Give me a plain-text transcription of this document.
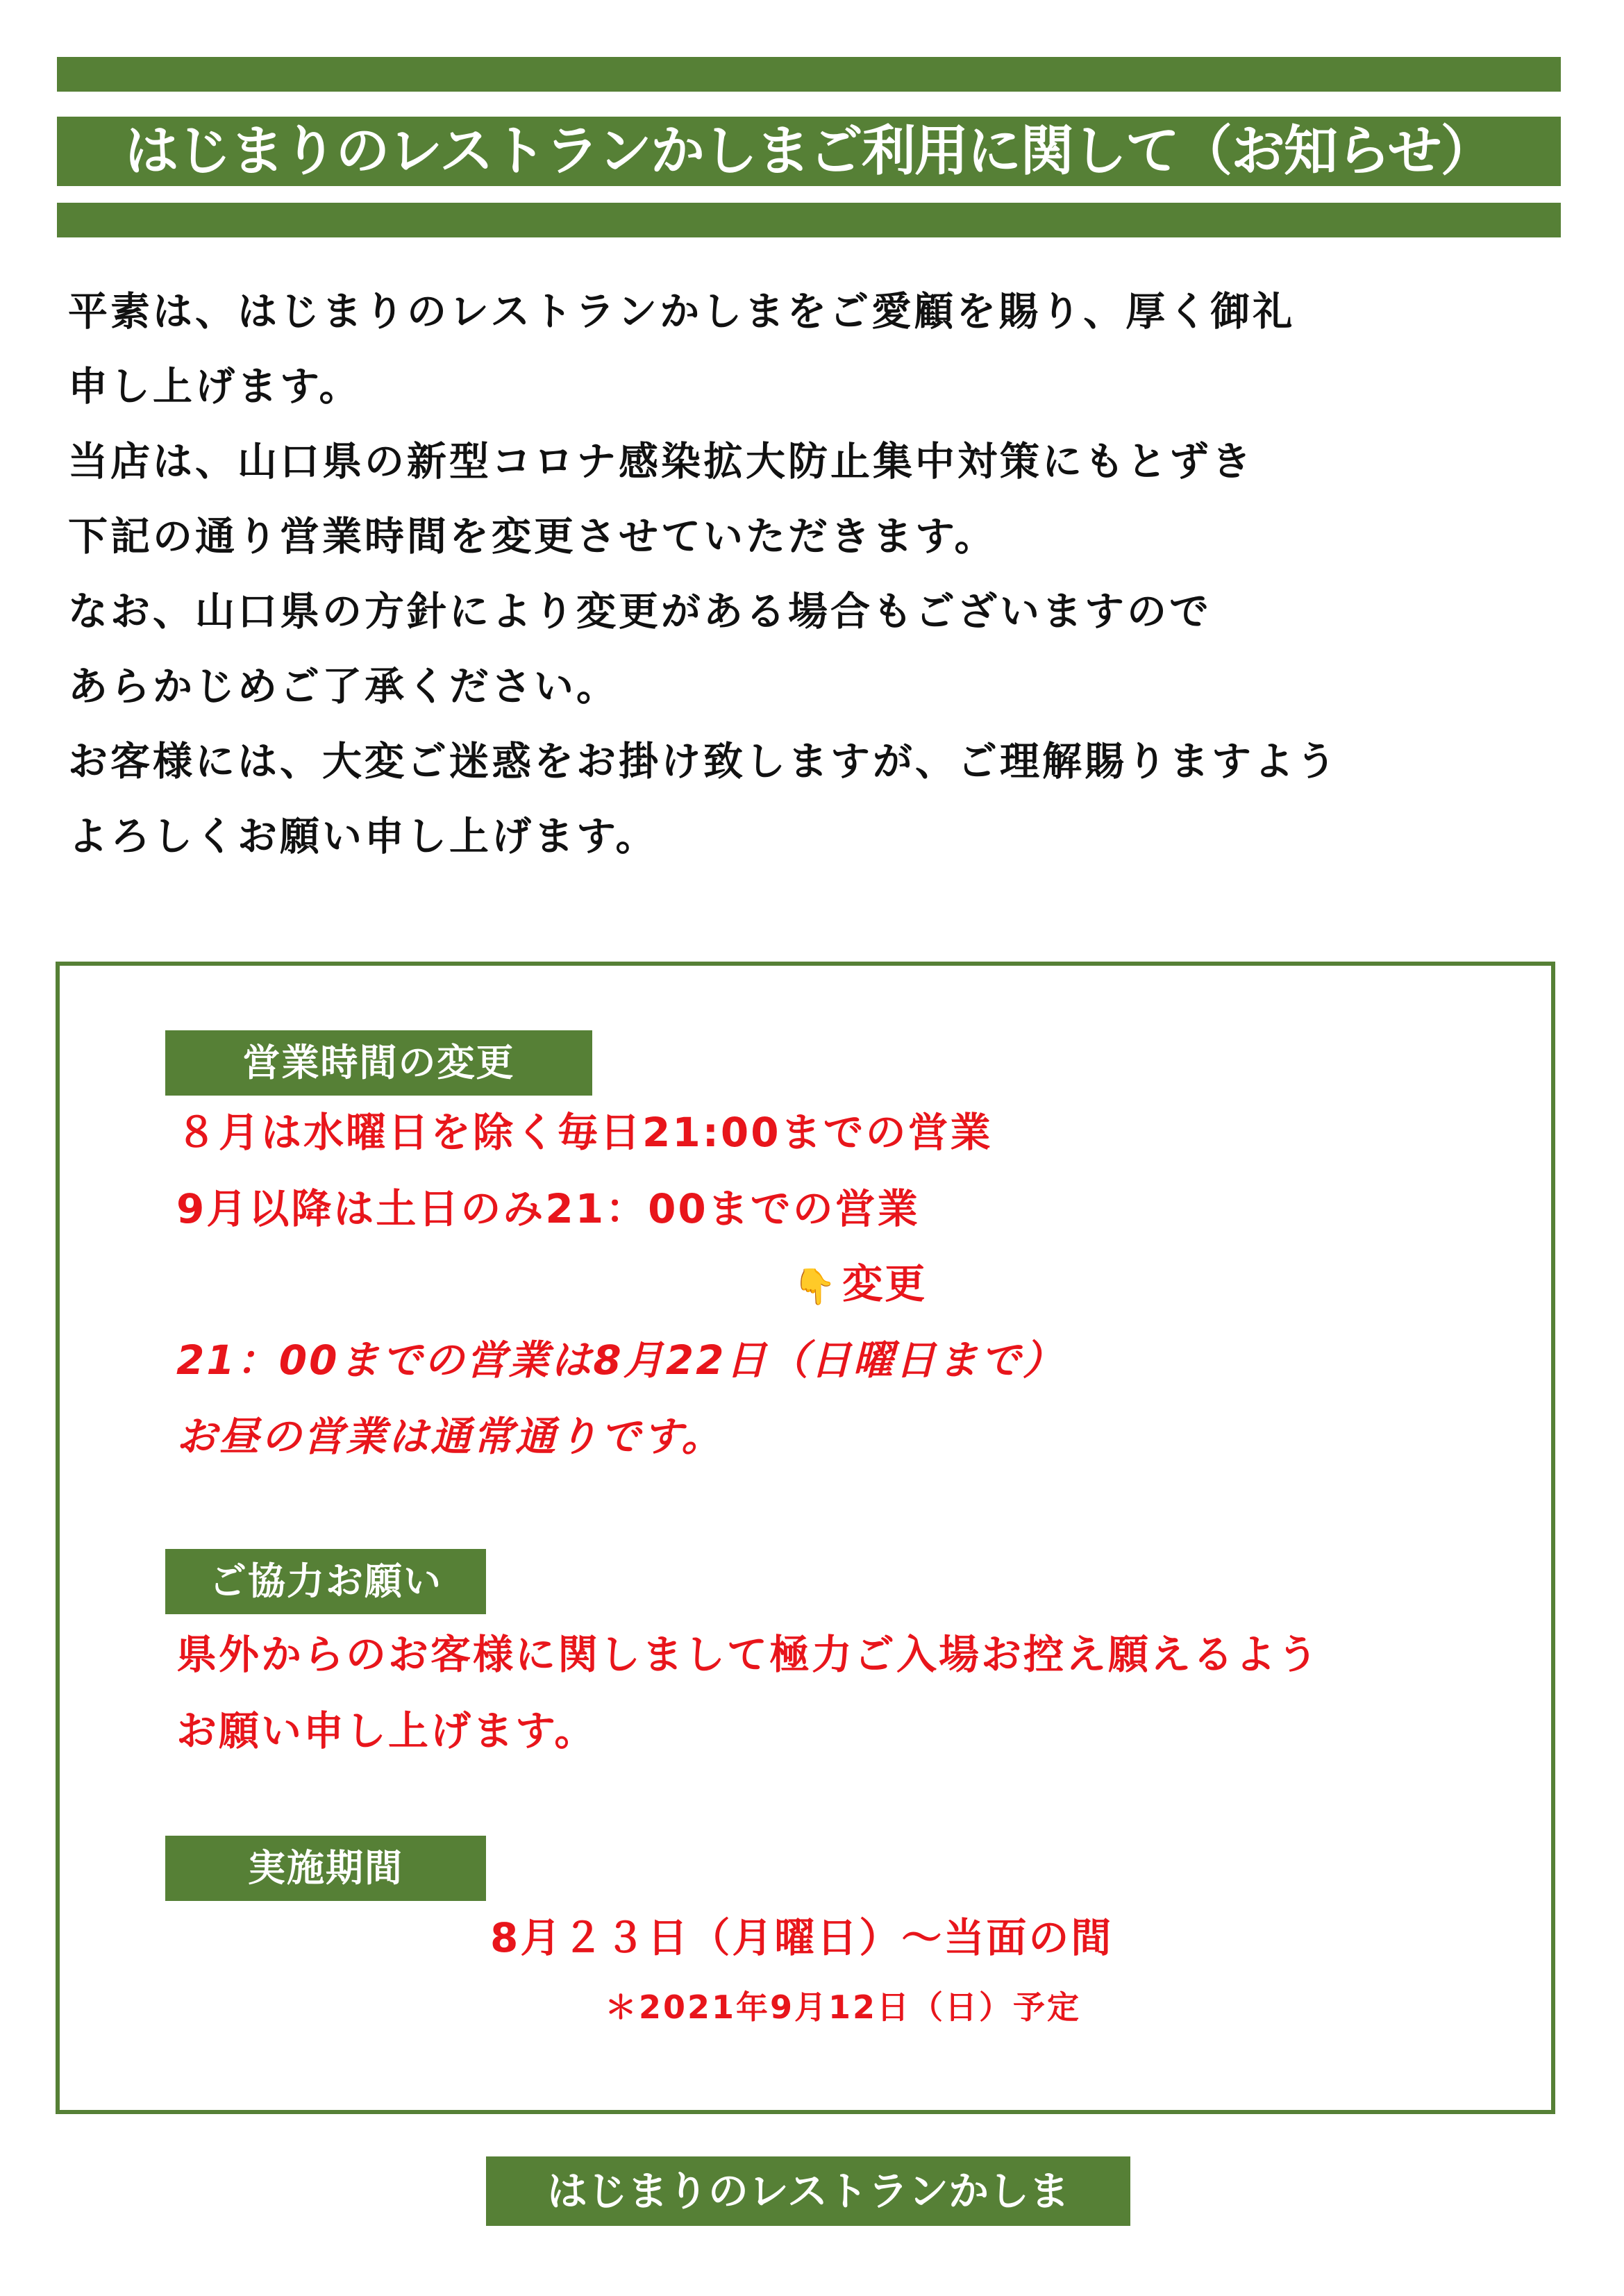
はじまりのレストランかしまご利用に関して（お知らせ）
平素は、はじまりのレストランかしまをご愛顧を賜り、厚く御礼
申し上げます。
当店は、山口県の新型コロナ感染拡大防止集中対策にもとずき
下記の通り営業時間を変更させていただきます。
なお、山口県の方針により変更がある場合もございますので
あらかじめご了承ください。
お客様には、大変ご迷惑をお掛け致しますが、ご理解賜りますよう
よろしくお願い申し上げます。
営業時間の変更
８月は水曜日を除く毎日21:00までの営業
9月以降は土日のみ21：00までの営業
👇 変更
21：00までの営業は8月22日（日曜日まで）
お昼の営業は通常通りです。
ご協力お願い
県外からのお客様に関しまして極力ご入場お控え願えるよう
お願い申し上げます。
実施期間
8月２３日（月曜日）～当面の間
＊2021年9月12日（日）予定
はじまりのレストランかしま
